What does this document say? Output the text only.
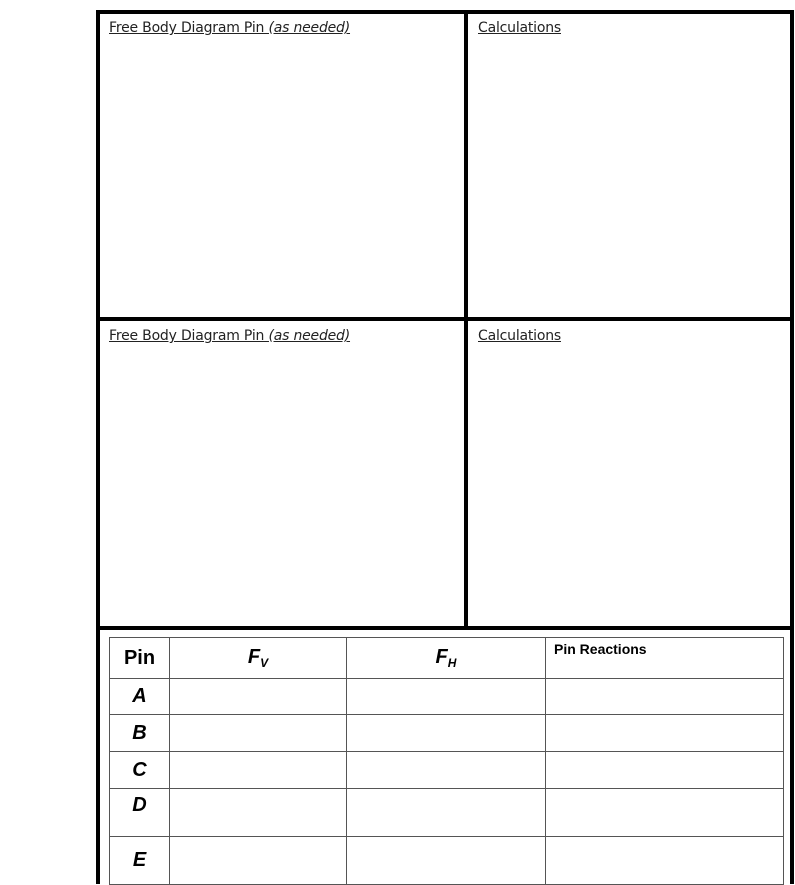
Free Body Diagram Pin (as needed)	Calculations
Free Body Diagram Pin (as needed)	Calculations
Pin	$F_V$	$F_H$	Pin Reactions
A			
B			
C			
D			
E			
